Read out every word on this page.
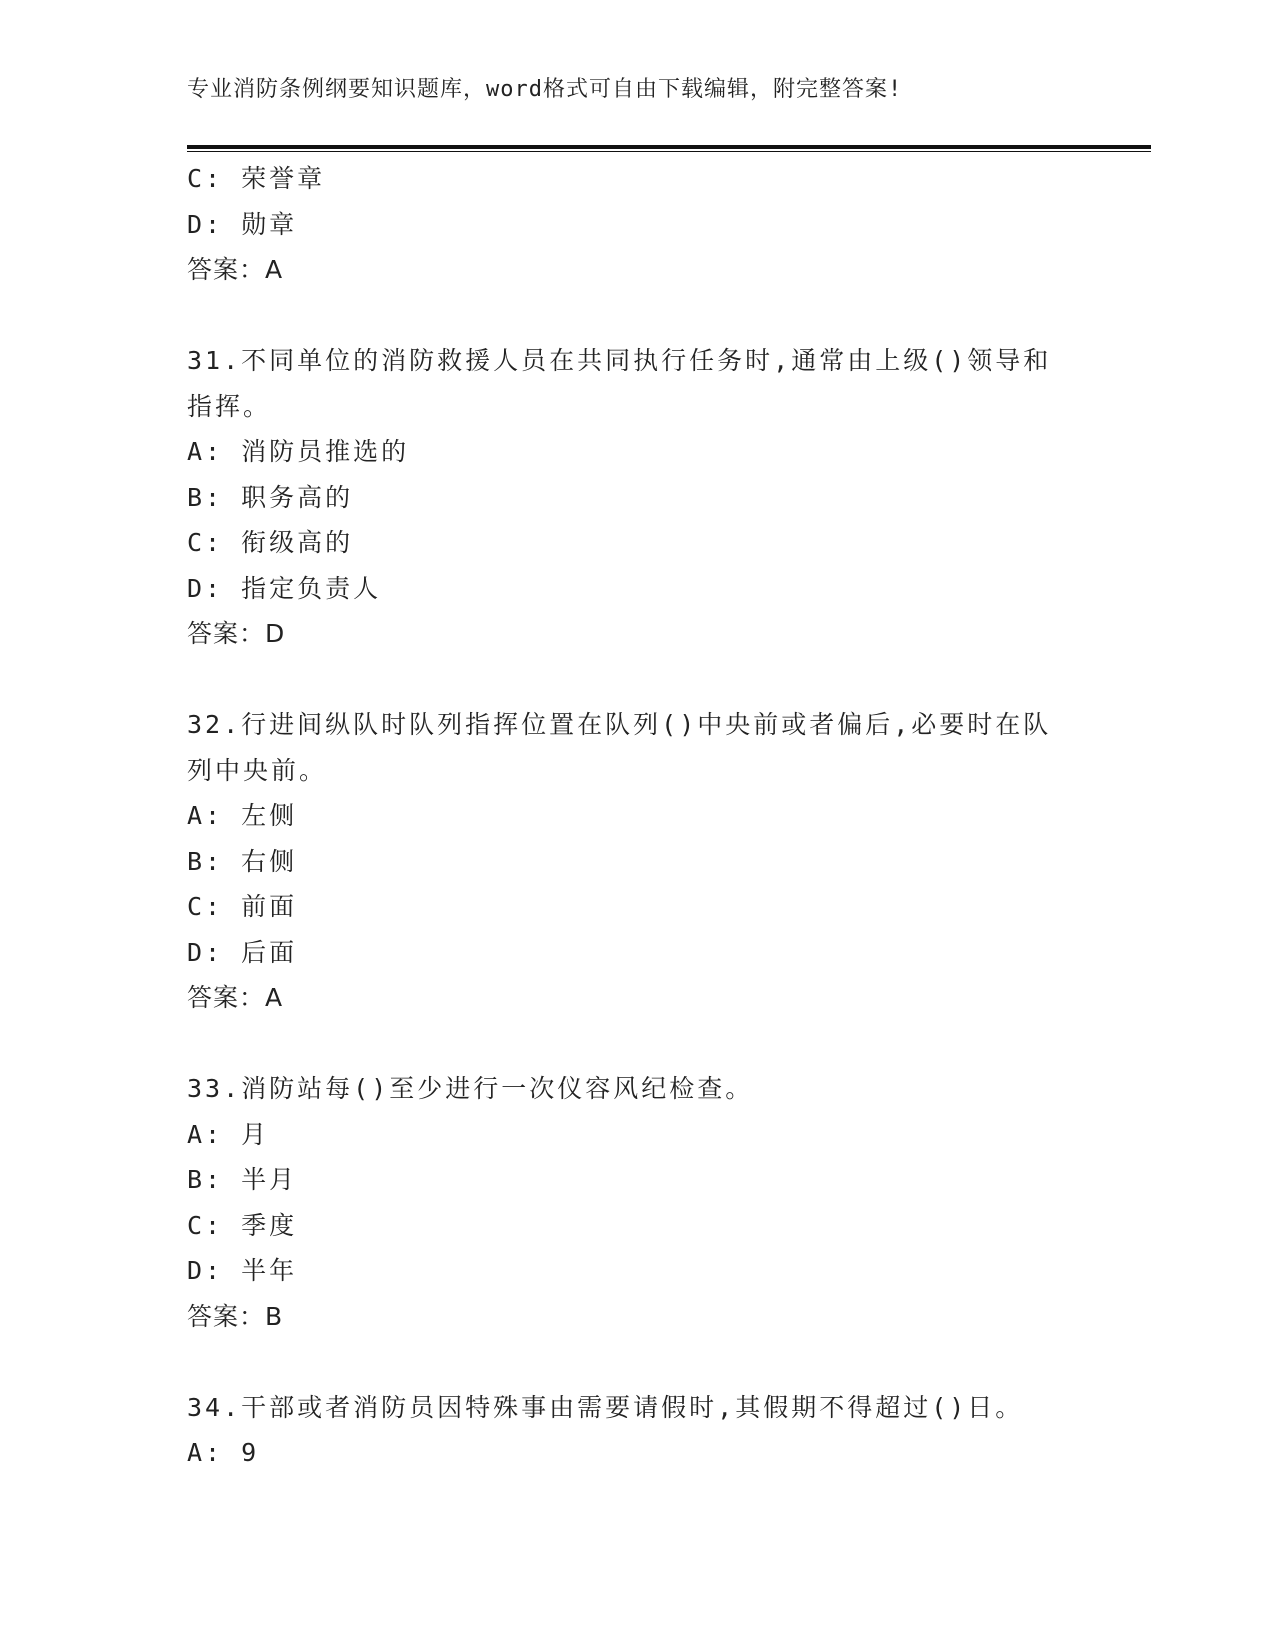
专业消防条例纲要知识题库，word格式可自由下载编辑，附完整答案!
C: 荣誉章
D: 勋章
答案：A
31.不同单位的消防救援人员在共同执行任务时,通常由上级()领导和指挥。
A: 消防员推选的
B: 职务高的
C: 衔级高的
D: 指定负责人
答案：D
32.行进间纵队时队列指挥位置在队列()中央前或者偏后,必要时在队列中央前。
A: 左侧
B: 右侧
C: 前面
D: 后面
答案：A
33.消防站每()至少进行一次仪容风纪检查。
A: 月
B: 半月
C: 季度
D: 半年
答案：B
34.干部或者消防员因特殊事由需要请假时,其假期不得超过()日。
A: 9
